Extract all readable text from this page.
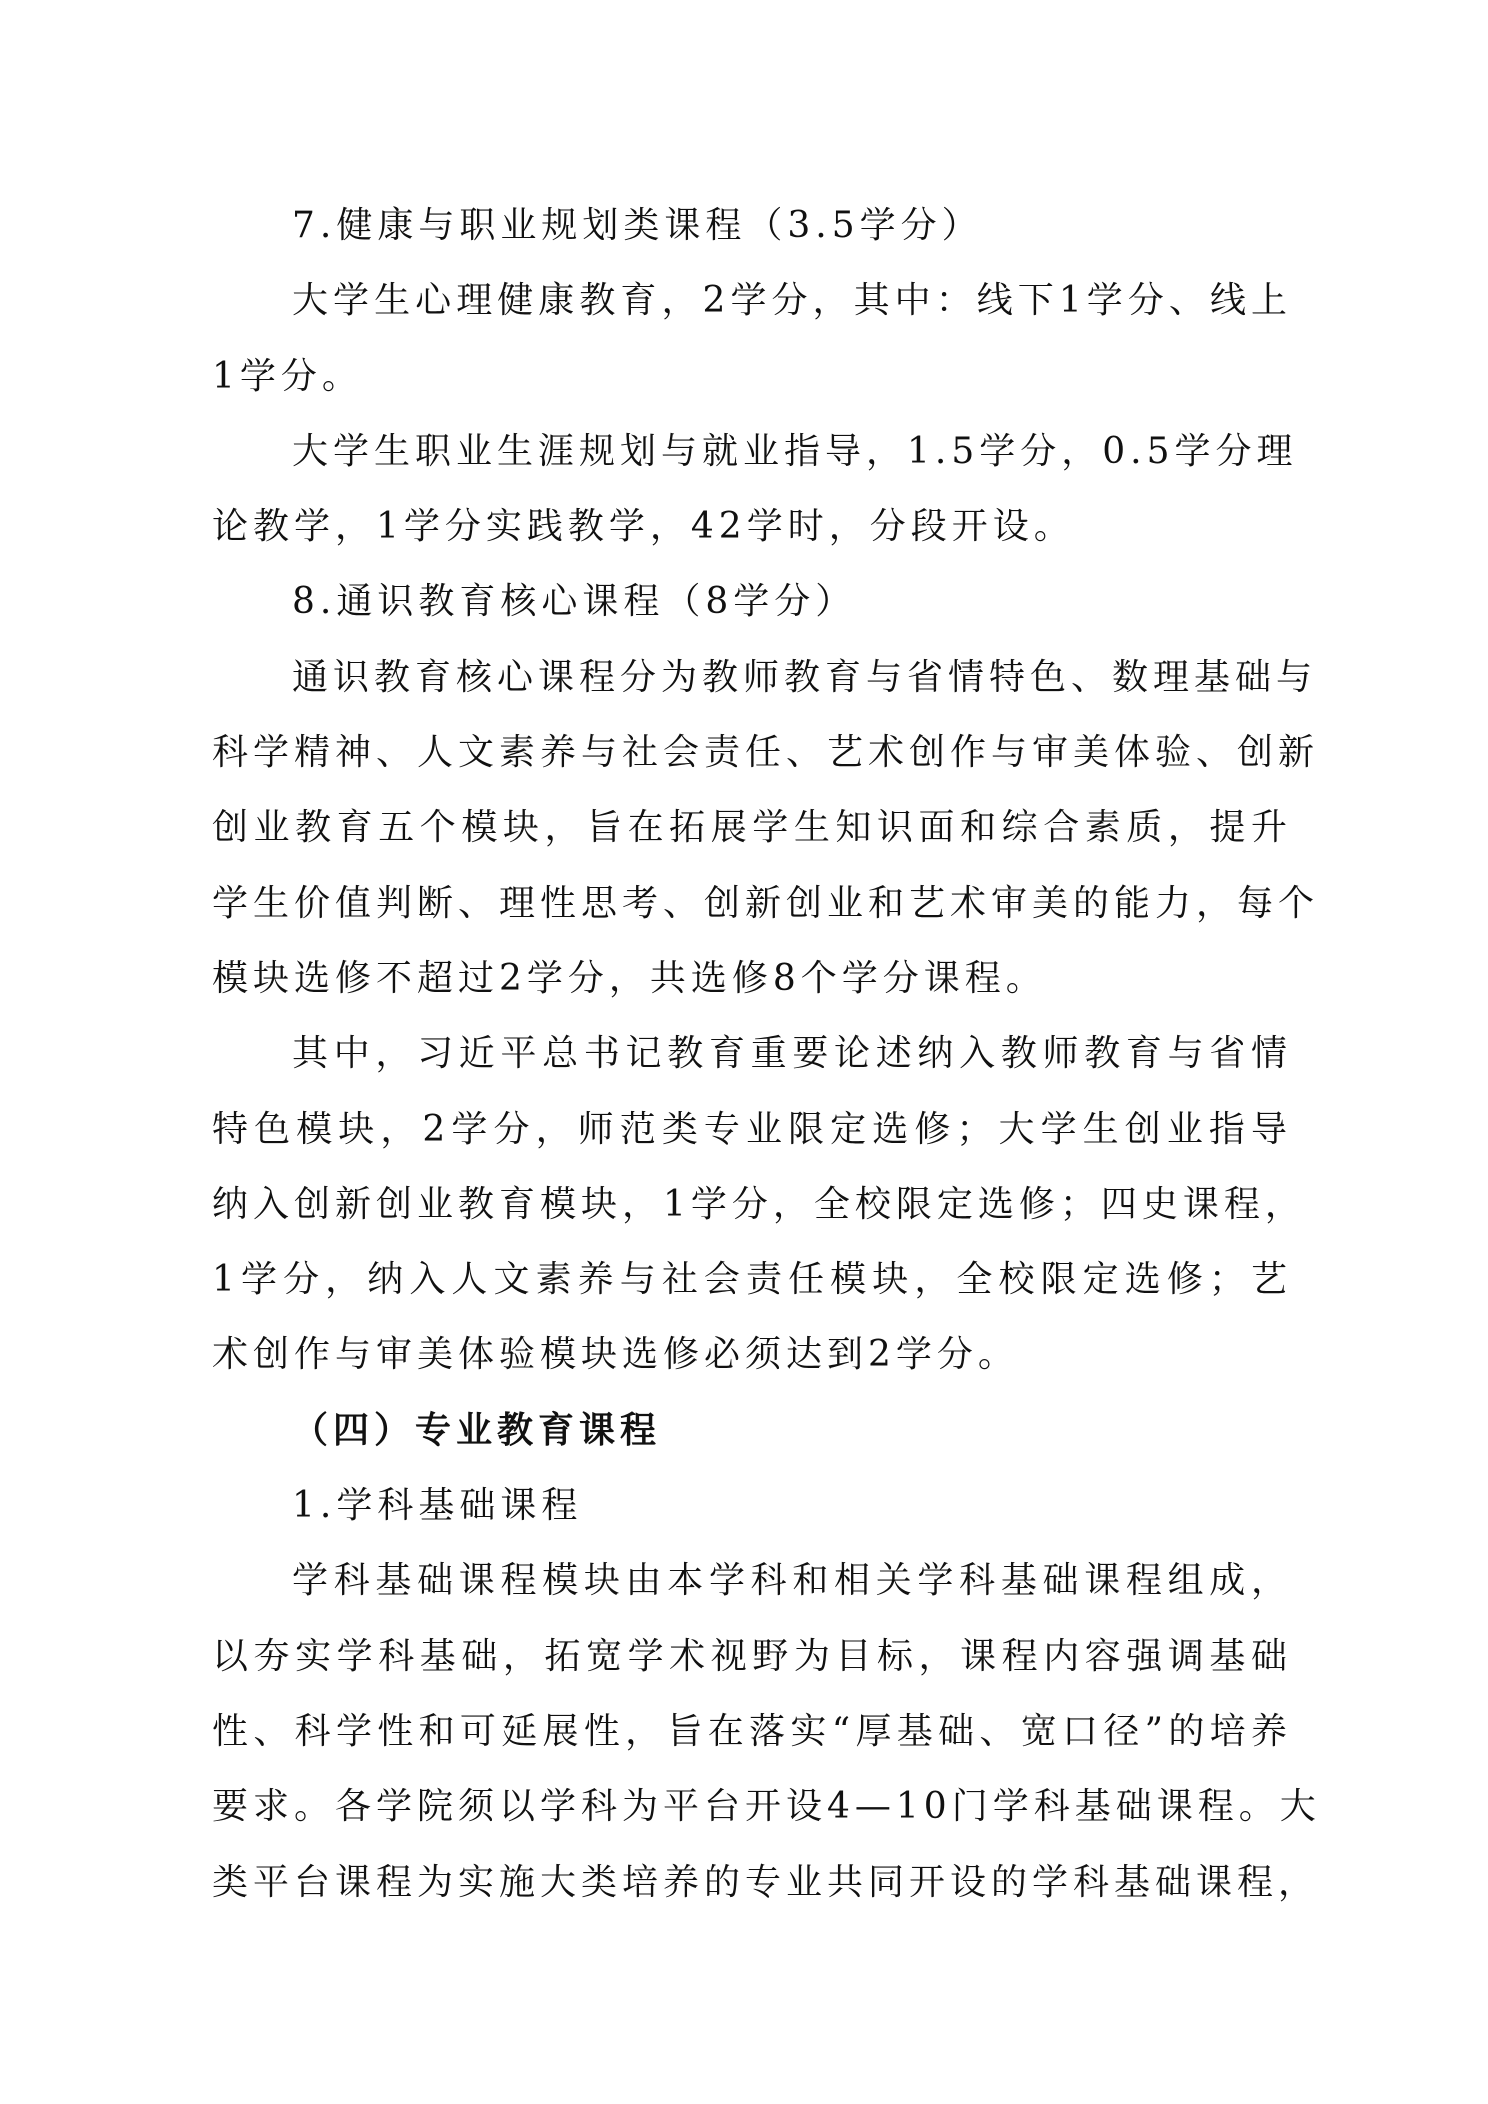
7.健康与职业规划类课程（3.5学分）
大学生心理健康教育，2学分，其中：线下1学分、线上
1学分。
大学生职业生涯规划与就业指导，1.5学分，0.5学分理
论教学，1学分实践教学，42学时，分段开设。
8.通识教育核心课程（8学分）
通识教育核心课程分为教师教育与省情特色、数理基础与
科学精神、人文素养与社会责任、艺术创作与审美体验、创新
创业教育五个模块，旨在拓展学生知识面和综合素质，提升
学生价值判断、理性思考、创新创业和艺术审美的能力，每个
模块选修不超过2学分，共选修8个学分课程。
其中，习近平总书记教育重要论述纳入教师教育与省情
特色模块，2学分，师范类专业限定选修；大学生创业指导
纳入创新创业教育模块，1学分，全校限定选修；四史课程，
1学分，纳入人文素养与社会责任模块，全校限定选修；艺
术创作与审美体验模块选修必须达到2学分。
（四）专业教育课程
1.学科基础课程
学科基础课程模块由本学科和相关学科基础课程组成，
以夯实学科基础，拓宽学术视野为目标，课程内容强调基础
性、科学性和可延展性，旨在落实“厚基础、宽口径”的培养
要求。各学院须以学科为平台开设4—10门学科基础课程。大
类平台课程为实施大类培养的专业共同开设的学科基础课程，
